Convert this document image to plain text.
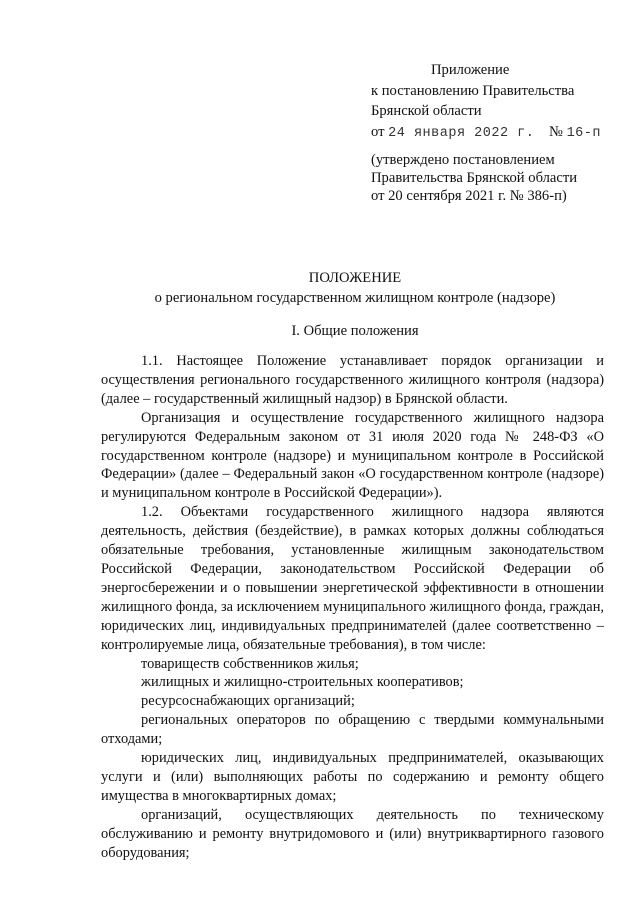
Приложение
к постановлению Правительства
Брянской области
от 24 января 2022 г. № 16-п
(утверждено постановлением
Правительства Брянской области
от 20 сентября 2021 г. № 386-п)
ПОЛОЖЕНИЕ
о региональном государственном жилищном контроле (надзоре)
I. Общие положения

1.1. Настоящее Положение устанавливает порядок организации и осуществления регионального государственного жилищного контроля (надзора) (далее – государственный жилищный надзор) в Брянской области.

Организация и осуществление государственного жилищного надзора регулируются Федеральным законом от 31 июля 2020 года № 248-ФЗ «О государственном контроле (надзоре) и муниципальном контроле в Российской Федерации» (далее – Федеральный закон «О государственном контроле (надзоре) и муниципальном контроле в Российской Федерации»).

1.2. Объектами государственного жилищного надзора являются деятельность, действия (бездействие), в рамках которых должны соблюдаться обязательные требования, установленные жилищным законодательством Российской Федерации, законодательством Российской Федерации об энергосбережении и о повышении энергетической эффективности в отношении жилищного фонда, за исключением муниципального жилищного фонда, граждан, юридических лиц, индивидуальных предпринимателей (далее соответственно – контролируемые лица, обязательные требования), в том числе:

товариществ собственников жилья;

жилищных и жилищно-строительных кооперативов;

ресурсоснабжающих организаций;

региональных операторов по обращению с твердыми коммунальными отходами;

юридических лиц, индивидуальных предпринимателей, оказывающих услуги и (или) выполняющих работы по содержанию и ремонту общего имущества в многоквартирных домах;

организаций, осуществляющих деятельность по техническому обслуживанию и ремонту внутридомового и (или) внутриквартирного газового оборудования;
